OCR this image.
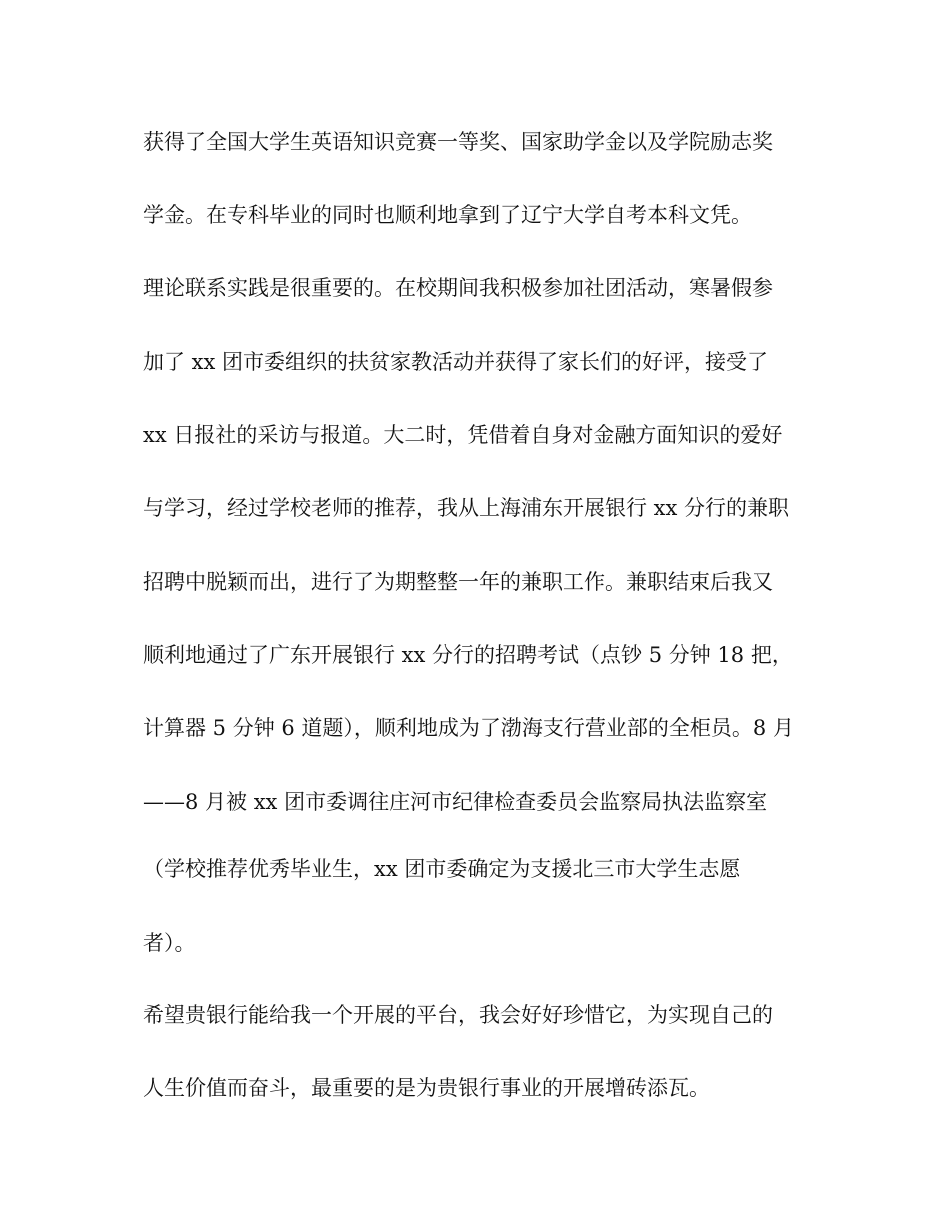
获得了全国大学生英语知识竞赛一等奖、国家助学金以及学院励志奖
学金。在专科毕业的同时也顺利地拿到了辽宁大学自考本科文凭。
理论联系实践是很重要的。在校期间我积极参加社团活动，寒暑假参
加了 xx 团市委组织的扶贫家教活动并获得了家长们的好评，接受了
xx 日报社的采访与报道。大二时，凭借着自身对金融方面知识的爱好
与学习，经过学校老师的推荐，我从上海浦东开展银行 xx 分行的兼职
招聘中脱颖而出，进行了为期整整一年的兼职工作。兼职结束后我又
顺利地通过了广东开展银行 xx 分行的招聘考试（点钞 5 分钟 18 把，
计算器 5 分钟 6 道题），顺利地成为了渤海支行营业部的全柜员。8 月
——8 月被 xx 团市委调往庄河市纪律检查委员会监察局执法监察室
（学校推荐优秀毕业生，xx 团市委确定为支援北三市大学生志愿
者）。
希望贵银行能给我一个开展的平台，我会好好珍惜它，为实现自己的
人生价值而奋斗，最重要的是为贵银行事业的开展增砖添瓦。
